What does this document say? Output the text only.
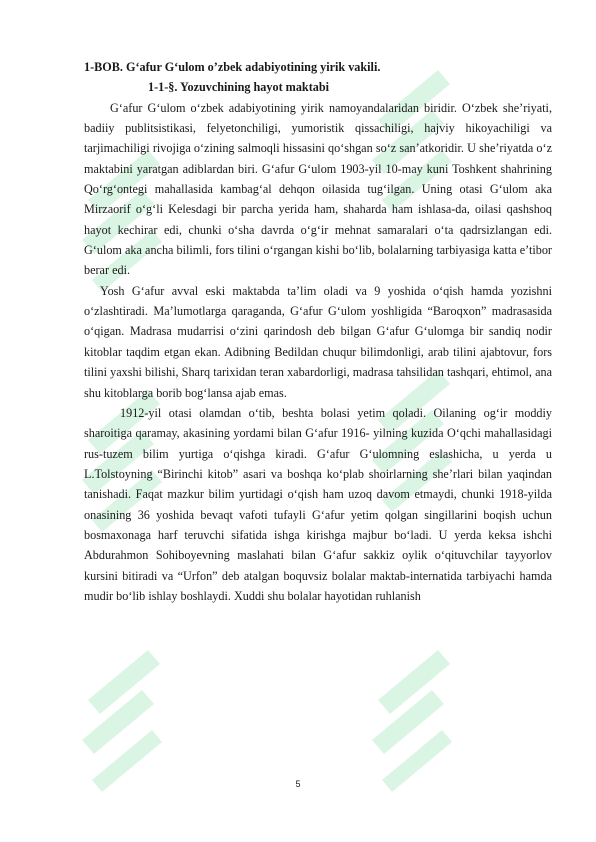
1-BOB. G‘afur G‘ulom o’zbek adabiyotining yirik vakili.

1-1-§. Yozuvchining hayot maktabi

G‘afur G‘ulom o‘zbek adabiyotining yirik namoyandalaridan biridir. O‘zbek she’riyati, badiiy publitsistikasi, felyetonchiligi, yumoristik qissachiligi, hajviy hikoyachiligi va tarjimachiligi rivojiga o‘zining salmoqli hissasini qo‘shgan so‘z san’atkoridir. U she’riyatda o‘z maktabini yaratgan adiblardan biri. G‘afur G‘ulom 1903-yil 10-may kuni Toshkent shahrining Qo‘rg‘ontegi mahallasida kambag‘al dehqon oilasida tug‘ilgan. Uning otasi G‘ulom aka Mirzaorif o‘g‘li Kelesdagi bir parcha yerida ham, shaharda ham ishlasa-da, oilasi qashshoq hayot kechirar edi, chunki o‘sha davrda o‘g‘ir mehnat samaralari o‘ta qadrsizlangan edi. G‘ulom aka ancha bilimli, fors tilini o‘rgangan kishi bo‘lib, bolalarning tarbiyasiga katta e’tibor berar edi.

Yosh G‘afur avval eski maktabda ta’lim oladi va 9 yoshida o‘qish hamda yozishni o‘zlashtiradi. Ma’lumotlarga qaraganda, G‘afur G‘ulom yoshligida “Baroqxon” madrasasida o‘qigan. Madrasa mudarrisi o‘zini qarindosh deb bilgan G‘afur G‘ulomga bir sandiq nodir kitoblar taqdim etgan ekan. Adibning Bedildan chuqur bilimdonligi, arab tilini ajabtovur, fors tilini yaxshi bilishi, Sharq tarixidan teran xabardorligi, madrasa tahsilidan tashqari, ehtimol, ana shu kitoblarga borib bog‘lansa ajab emas.

1912-yil otasi olamdan o‘tib, beshta bolasi yetim qoladi. Oilaning og‘ir moddiy sharoitiga qaramay, akasining yordami bilan G‘afur 1916- yilning kuzida O‘qchi mahallasidagi rus-tuzem bilim yurtiga o‘qishga kiradi. G‘afur G‘ulomning eslashicha, u yerda u L.Tolstoyning “Birinchi kitob” asari va boshqa ko‘plab shoirlarning she’rlari bilan yaqindan tanishadi. Faqat mazkur bilim yurtidagi o‘qish ham uzoq davom etmaydi, chunki 1918-yilda onasining 36 yoshida bevaqt vafoti tufayli G‘afur yetim qolgan singillarini boqish uchun bosmaxonaga harf teruvchi sifatida ishga kirishga majbur bo‘ladi. U yerda keksa ishchi Abdurahmon Sohiboyevning maslahati bilan G‘afur sakkiz oylik o‘qituvchilar tayyorlov kursini bitiradi va “Urfon” deb atalgan boquvsiz bolalar maktab-internatida tarbiyachi hamda mudir bo‘lib ishlay boshlaydi. Xuddi shu bolalar hayotidan ruhlanish

5
